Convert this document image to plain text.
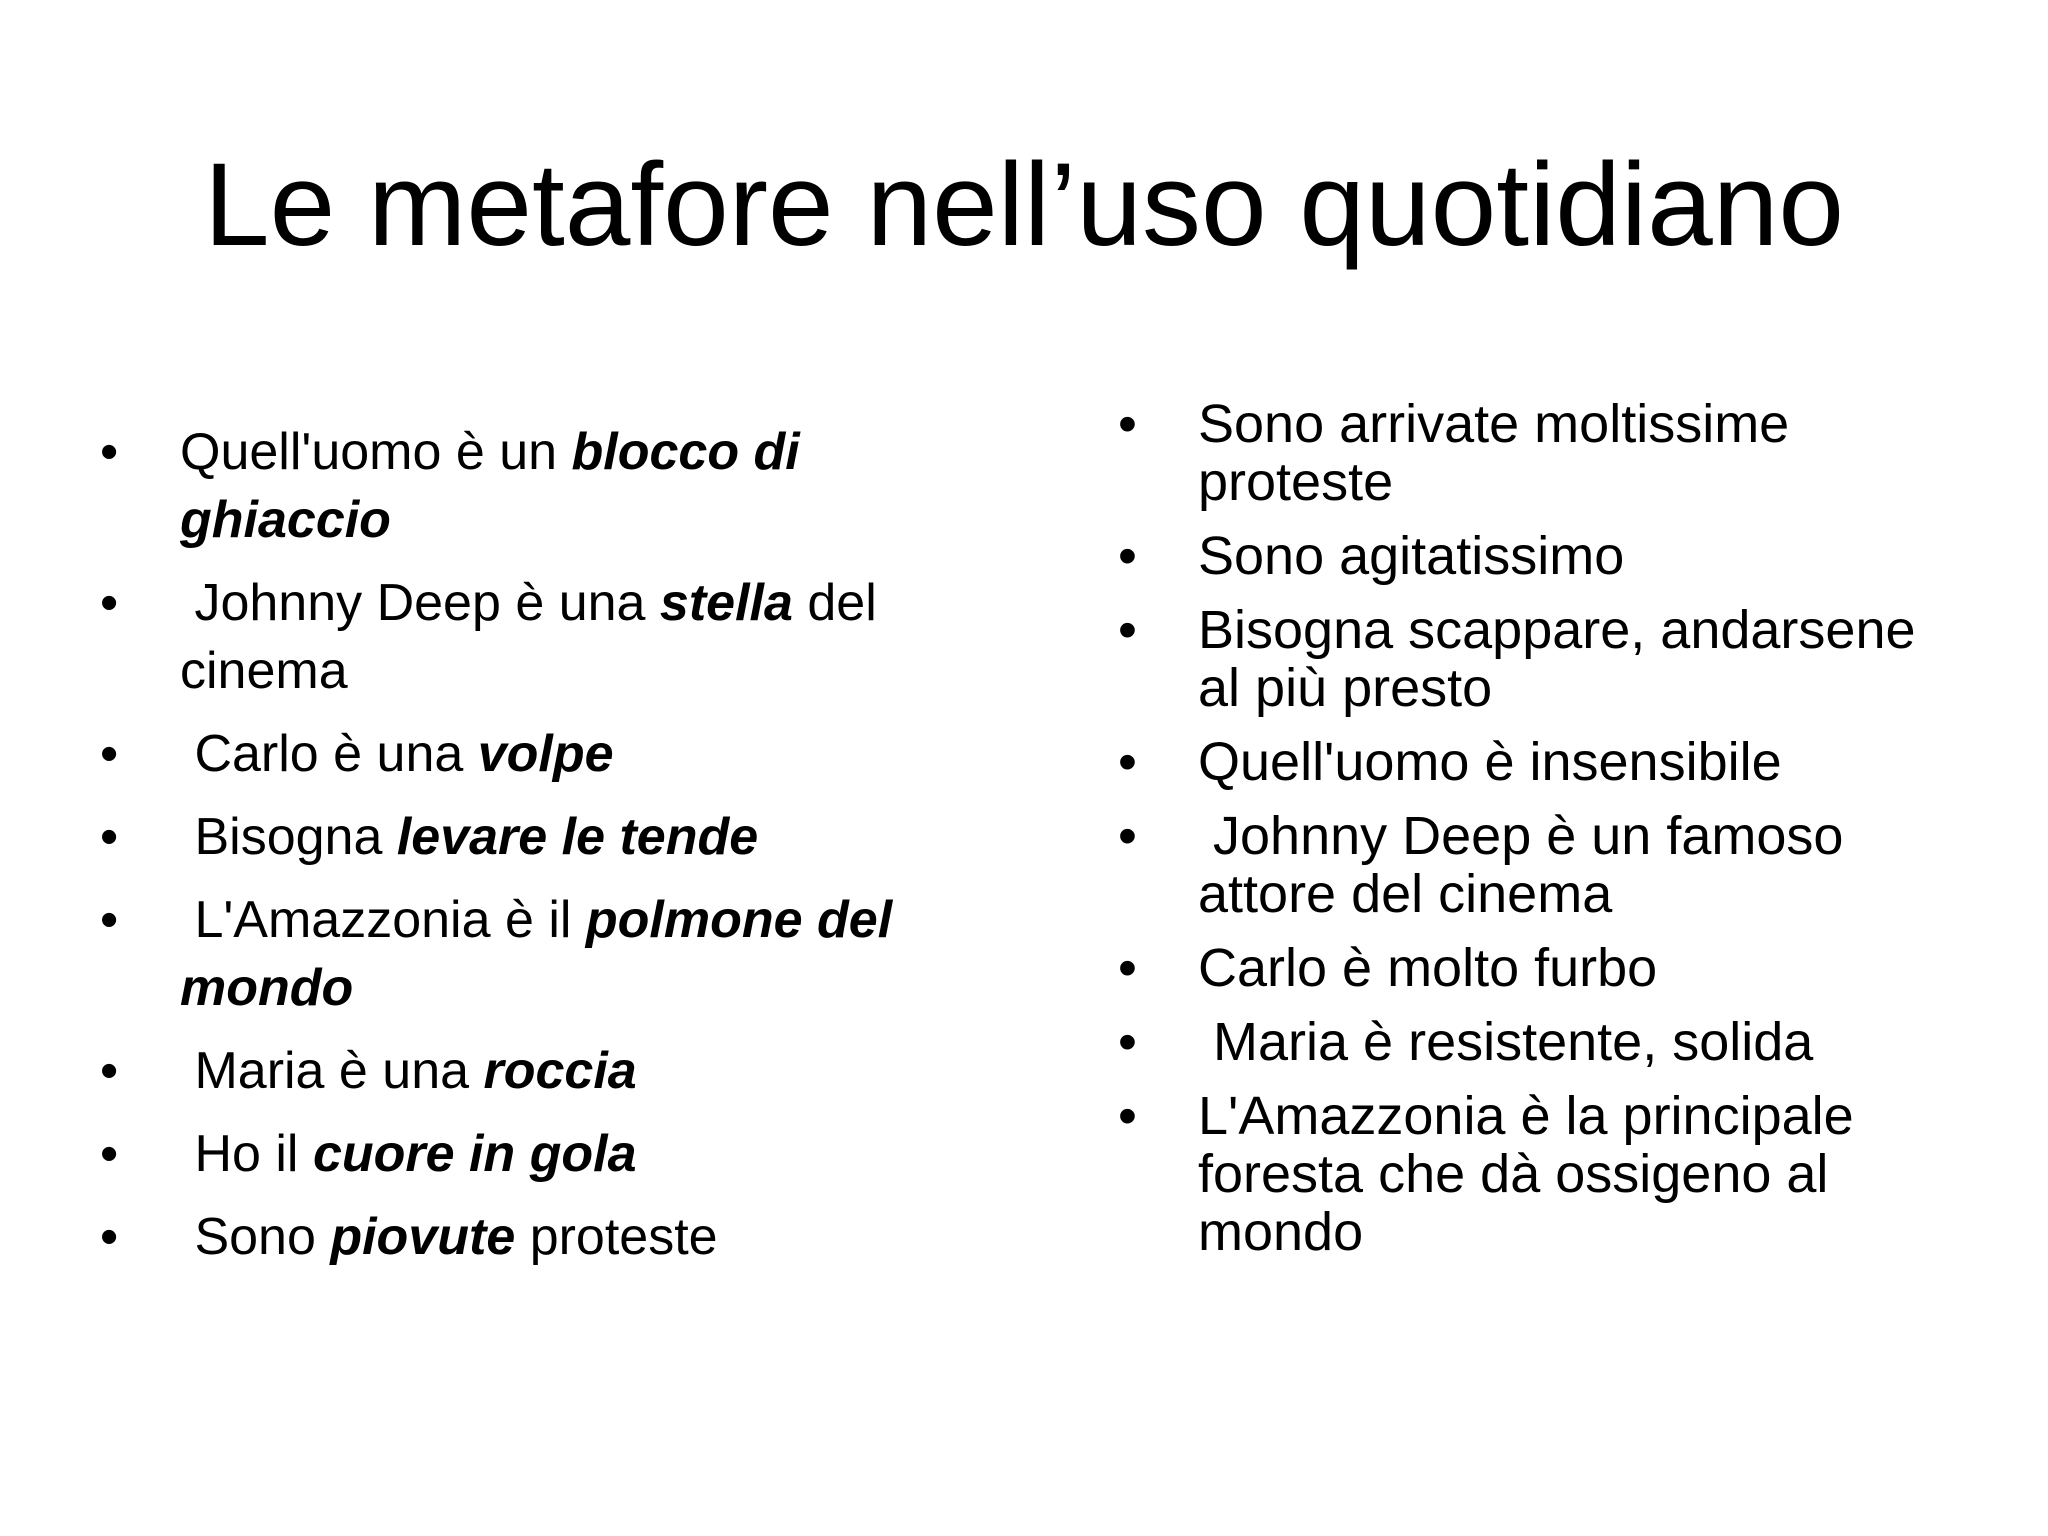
Le metafore nell’uso quotidiano
•	Quell'uomo è un blocco di ghiaccio
•	Johnny Deep è una stella del cinema
•	Carlo è una volpe
•	Bisogna levare le tende
•	L'Amazzonia è il polmone del mondo
•	Maria è una roccia
•	Ho il cuore in gola
•	Sono piovute proteste
•	Sono arrivate moltissime proteste
•	Sono agitatissimo
•	Bisogna scappare, andarsene al più presto
•	Quell'uomo è insensibile
•	Johnny Deep è un famoso attore del cinema
•	Carlo è molto furbo
•	Maria è resistente, solida
•	L'Amazzonia è la principale foresta che dà ossigeno al mondo
